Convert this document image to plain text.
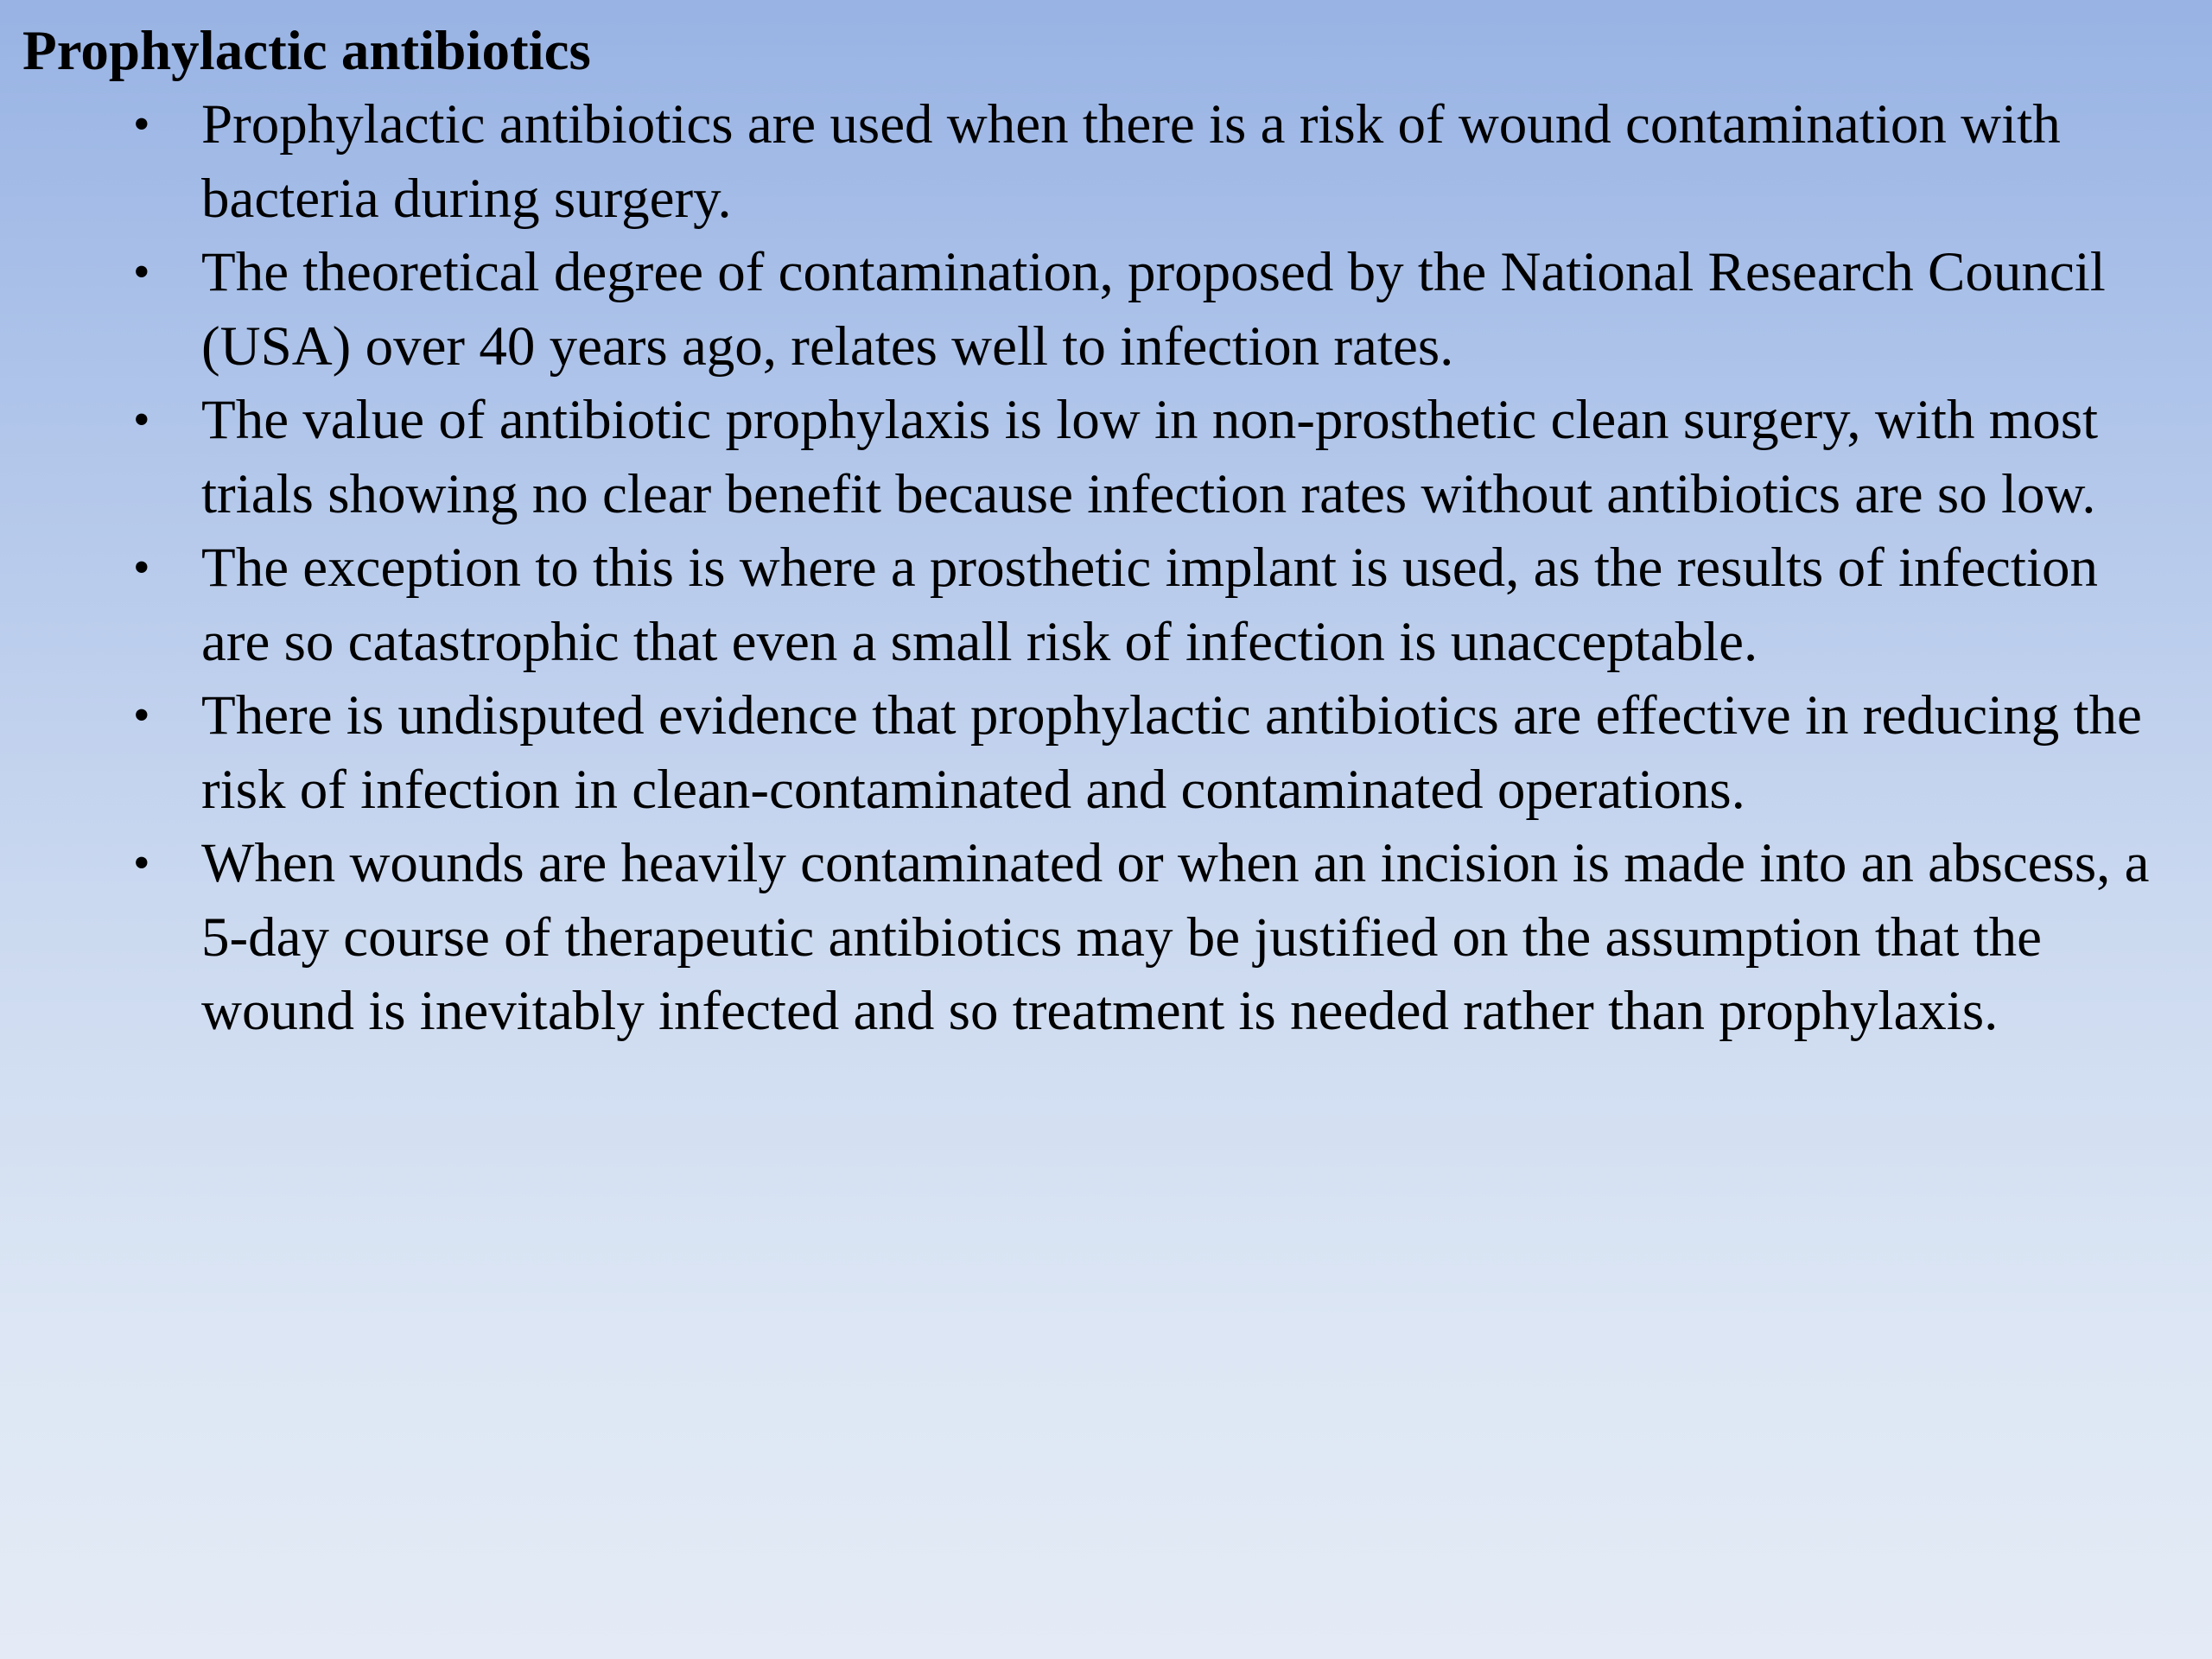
Prophylactic antibiotics
• Prophylactic antibiotics are used when there is a risk of wound contamination with bacteria during surgery.
• The theoretical degree of contamination, proposed by the National Research Council (USA) over 40 years ago, relates well to infection rates.
• The value of antibiotic prophylaxis is low in non-prosthetic clean surgery, with most trials showing no clear benefit because infection rates without antibiotics are so low.
• The exception to this is where a prosthetic implant is used, as the results of infection are so catastrophic that even a small risk of infection is unacceptable.
• There is undisputed evidence that prophylactic antibiotics are effective in reducing the risk of infection in clean-contaminated and contaminated operations.
• When wounds are heavily contaminated or when an incision is made into an abscess, a 5-day course of therapeutic antibiotics may be justified on the assumption that the wound is inevitably infected and so treatment is needed rather than prophylaxis.
